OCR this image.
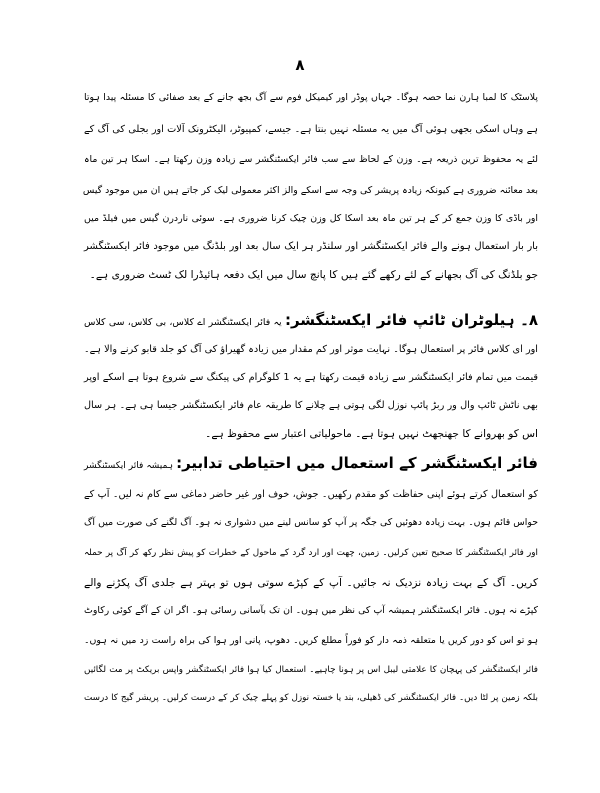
۸
پلاسٹک کا لمبا ہارن نما حصہ ہوگا۔ جہاں پوڈر اور کیمیکل فوم سے آگ بجھ جانے کے بعد صفائی کا مسئلہ پیدا ہوتا
ہے وہاں اسکی بجھی ہوئی آگ میں یہ مسئلہ نہیں بنتا ہے۔ جیسے، کمپیوٹر، الیکٹرونک آلات اور بجلی کی آگ کے
لئے یہ محفوظ ترین ذریعہ ہے۔ وزن کے لحاظ سے سب فائر ایکسٹنگشر سے زیادہ وزن رکھتا ہے۔ اسکا ہر تین ماہ
بعد معائنہ ضروری ہے کیونکہ زیادہ پریشر کی وجہ سے اسکے والز اکثر معمولی لیک کر جاتے ہیں ان میں موجود گیس
اور باڈی کا وزن جمع کر کے ہر تین ماہ بعد اسکا کل وزن چیک کرنا ضروری ہے۔ سوئی ناردرن گیس میں فیلڈ میں
بار بار استعمال ہونے والے فائر ایکسٹنگشر اور سلنڈر ہر ایک سال بعد اور بلڈنگ میں موجود فائر ایکسٹنگشر
جو بلڈنگ کی آگ بجھانے کے لئے رکھے گئے ہیں کا پانچ سال میں ایک دفعہ ہائیڈرا لک ٹسٹ ضروری ہے۔
۸۔ ہیلوٹران ٹائپ فائر ایکسٹنگشر: یہ فائر ایکسٹنگشر اے کلاس، بی کلاس، سی کلاس
اور ای کلاس فائر پر استعمال ہوگا۔ نہایت موثر اور کم مقدار میں زیادہ گھیراؤ کی آگ کو جلد قابو کرنے والا ہے۔
قیمت میں تمام فائر ایکسٹنگشر سے زیادہ قیمت رکھتا ہے یہ 1 کلوگرام کی پیکنگ سے شروع ہوتا ہے اسکے اوپر
بھی ناٹش ٹائپ وال ور ربڑ پائپ نوزل لگی ہوتی ہے چلانے کا طریقہ عام فائر ایکسٹنگشر جیسا ہی ہے۔ ہر سال
اس کو بھروانے کا جھنجھٹ نہیں ہوتا ہے۔ ماحولیاتی اعتبار سے محفوظ ہے۔
فائر ایکسٹنگشر کے استعمال میں احتیاطی تدابیر: ہمیشہ فائر ایکسٹنگشر
کو استعمال کرتے ہوئے اپنی حفاظت کو مقدم رکھیں۔ جوش، خوف اور غیر حاضر دماغی سے کام نہ لیں۔ آپ کے
حواس قائم ہوں۔ بہت زیادہ دھوئیں کی جگہ پر آپ کو سانس لینے میں دشواری نہ ہو۔ آگ لگنے کی صورت میں آگ
اور فائر ایکسٹنگشر کا صحیح تعین کرلیں۔ زمین، چھت اور ارد گرد کے ماحول کے خطرات کو پیش نظر رکھ کر آگ پر حملہ
کریں۔ آگ کے بہت زیادہ نزدیک نہ جائیں۔ آپ کے کپڑے سوتی ہوں تو بہتر ہے جلدی آگ پکڑنے والے
کپڑے نہ ہوں۔ فائر ایکسٹنگشر ہمیشہ آپ کی نظر میں ہوں۔ ان تک بآسانی رسائی ہو۔ اگر ان کے آگے کوئی رکاوٹ
ہو تو اس کو دور کریں یا متعلقہ ذمہ دار کو فوراً مطلع کریں۔ دھوپ، پانی اور ہوا کی براہ راست زد میں نہ ہوں۔
فائر ایکسٹنگشر کی پہچان کا علامتی لیبل اس پر ہونا چاہیے۔ استعمال کیا ہوا فائر ایکسٹنگشر واپس بریکٹ پر مت لگائیں
بلکہ زمین پر لٹا دیں۔ فائر ایکسٹنگشر کی ڈھیلی، بند یا خستہ نوزل کو پہلے چیک کر کے درست کرلیں۔ پریشر گیج کا درست
